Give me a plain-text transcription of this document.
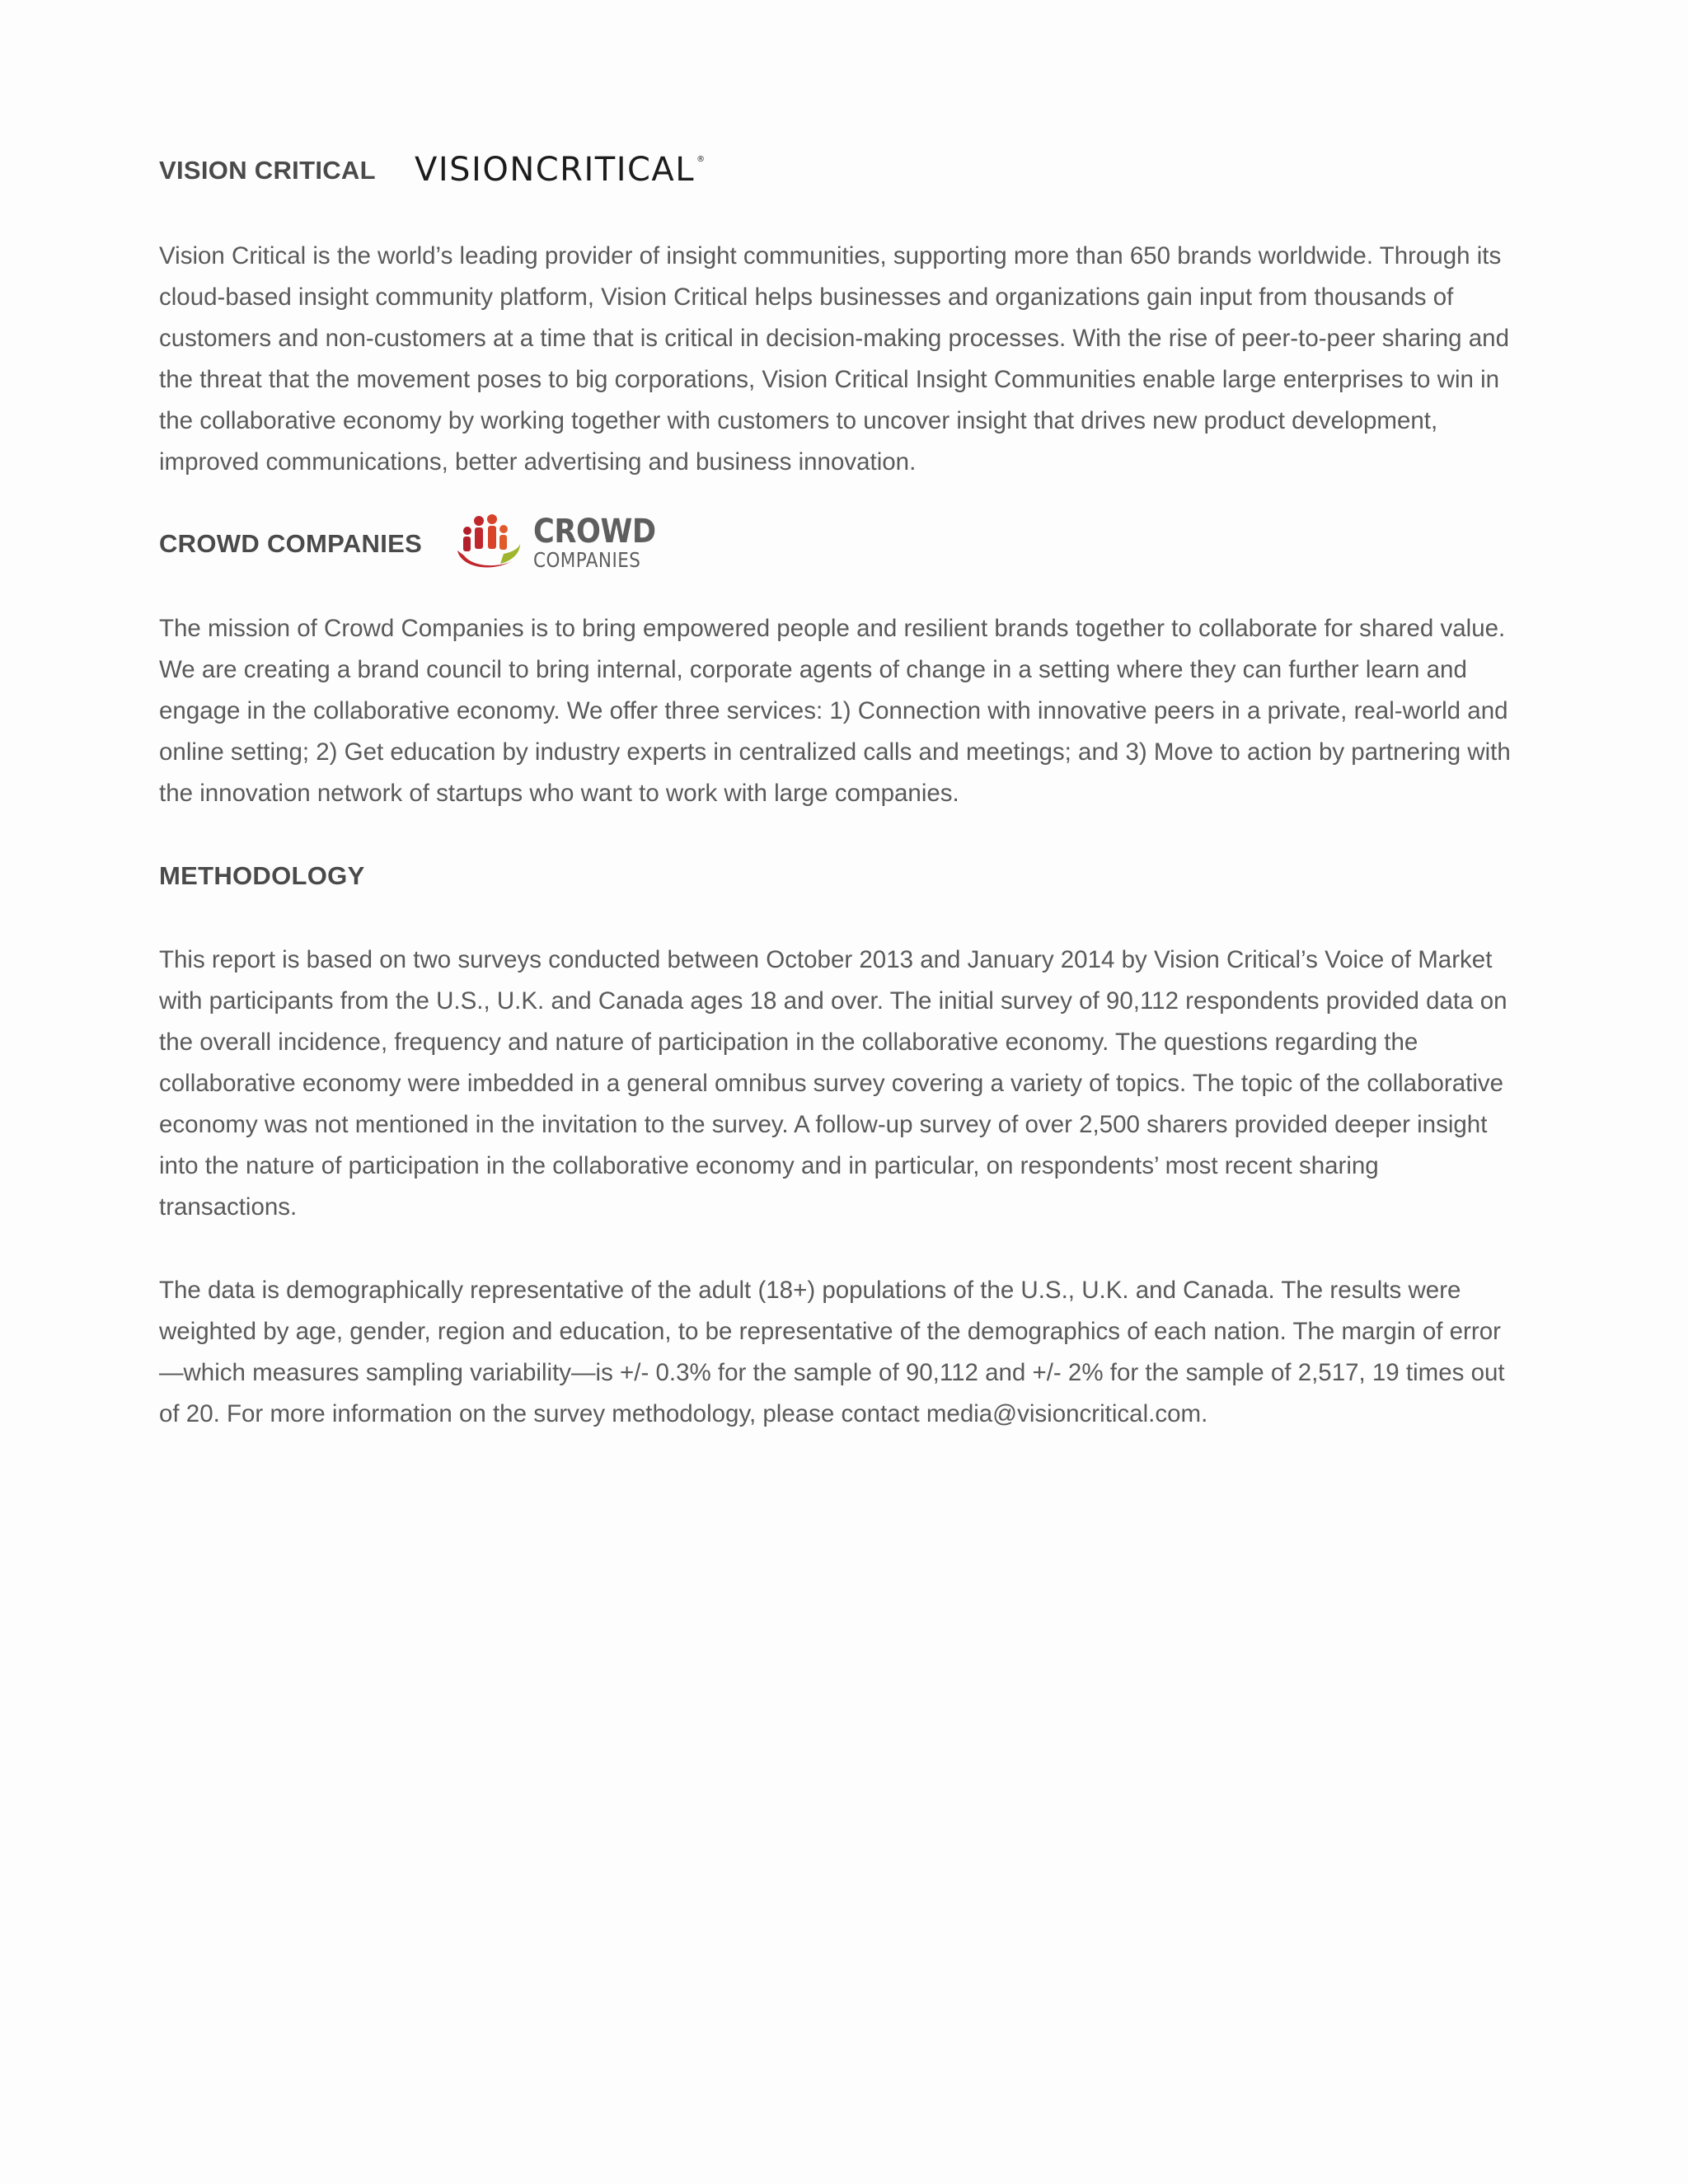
VISION CRITICAL VISIONCRITICAL ®

Vision Critical is the world’s leading provider of insight communities, supporting more than 650 brands worldwide. Through its cloud-based insight community platform, Vision Critical helps businesses and organizations gain input from thousands of customers and non-customers at a time that is critical in decision-making processes. With the rise of peer-to-peer sharing and the threat that the movement poses to big corporations, Vision Critical Insight Communities enable large enterprises to win in the collaborative economy by working together with customers to uncover insight that drives new product development, improved communications, better advertising and business innovation.

CROWD COMPANIES	CROWD
COMPANIES

The mission of Crowd Companies is to bring empowered people and resilient brands together to collaborate for shared value. We are creating a brand council to bring internal, corporate agents of change in a setting where they can further learn and engage in the collaborative economy. We offer three services: 1) Connection with innovative peers in a private, real-world and online setting; 2) Get education by industry experts in centralized calls and meetings; and 3) Move to action by partnering with the innovation network of startups who want to work with large companies.

METHODOLOGY

This report is based on two surveys conducted between October 2013 and January 2014 by Vision Critical’s Voice of Market with participants from the U.S., U.K. and Canada ages 18 and over. The initial survey of 90,112 respondents provided data on the overall incidence, frequency and nature of participation in the collaborative economy. The questions regarding the collaborative economy were imbedded in a general omnibus survey covering a variety of topics. The topic of the collaborative economy was not mentioned in the invitation to the survey. A follow-up survey of over 2,500 sharers provided deeper insight into the nature of participation in the collaborative economy and in particular, on respondents’ most recent sharing transactions.

The data is demographically representative of the adult (18+) populations of the U.S., U.K. and Canada. The results were weighted by age, gender, region and education, to be representative of the demographics of each nation. The margin of error—which measures sampling variability—is +/- 0.3% for the sample of 90,112 and +/- 2% for the sample of 2,517, 19 times out of 20. For more information on the survey methodology, please contact media@visioncritical.com.
